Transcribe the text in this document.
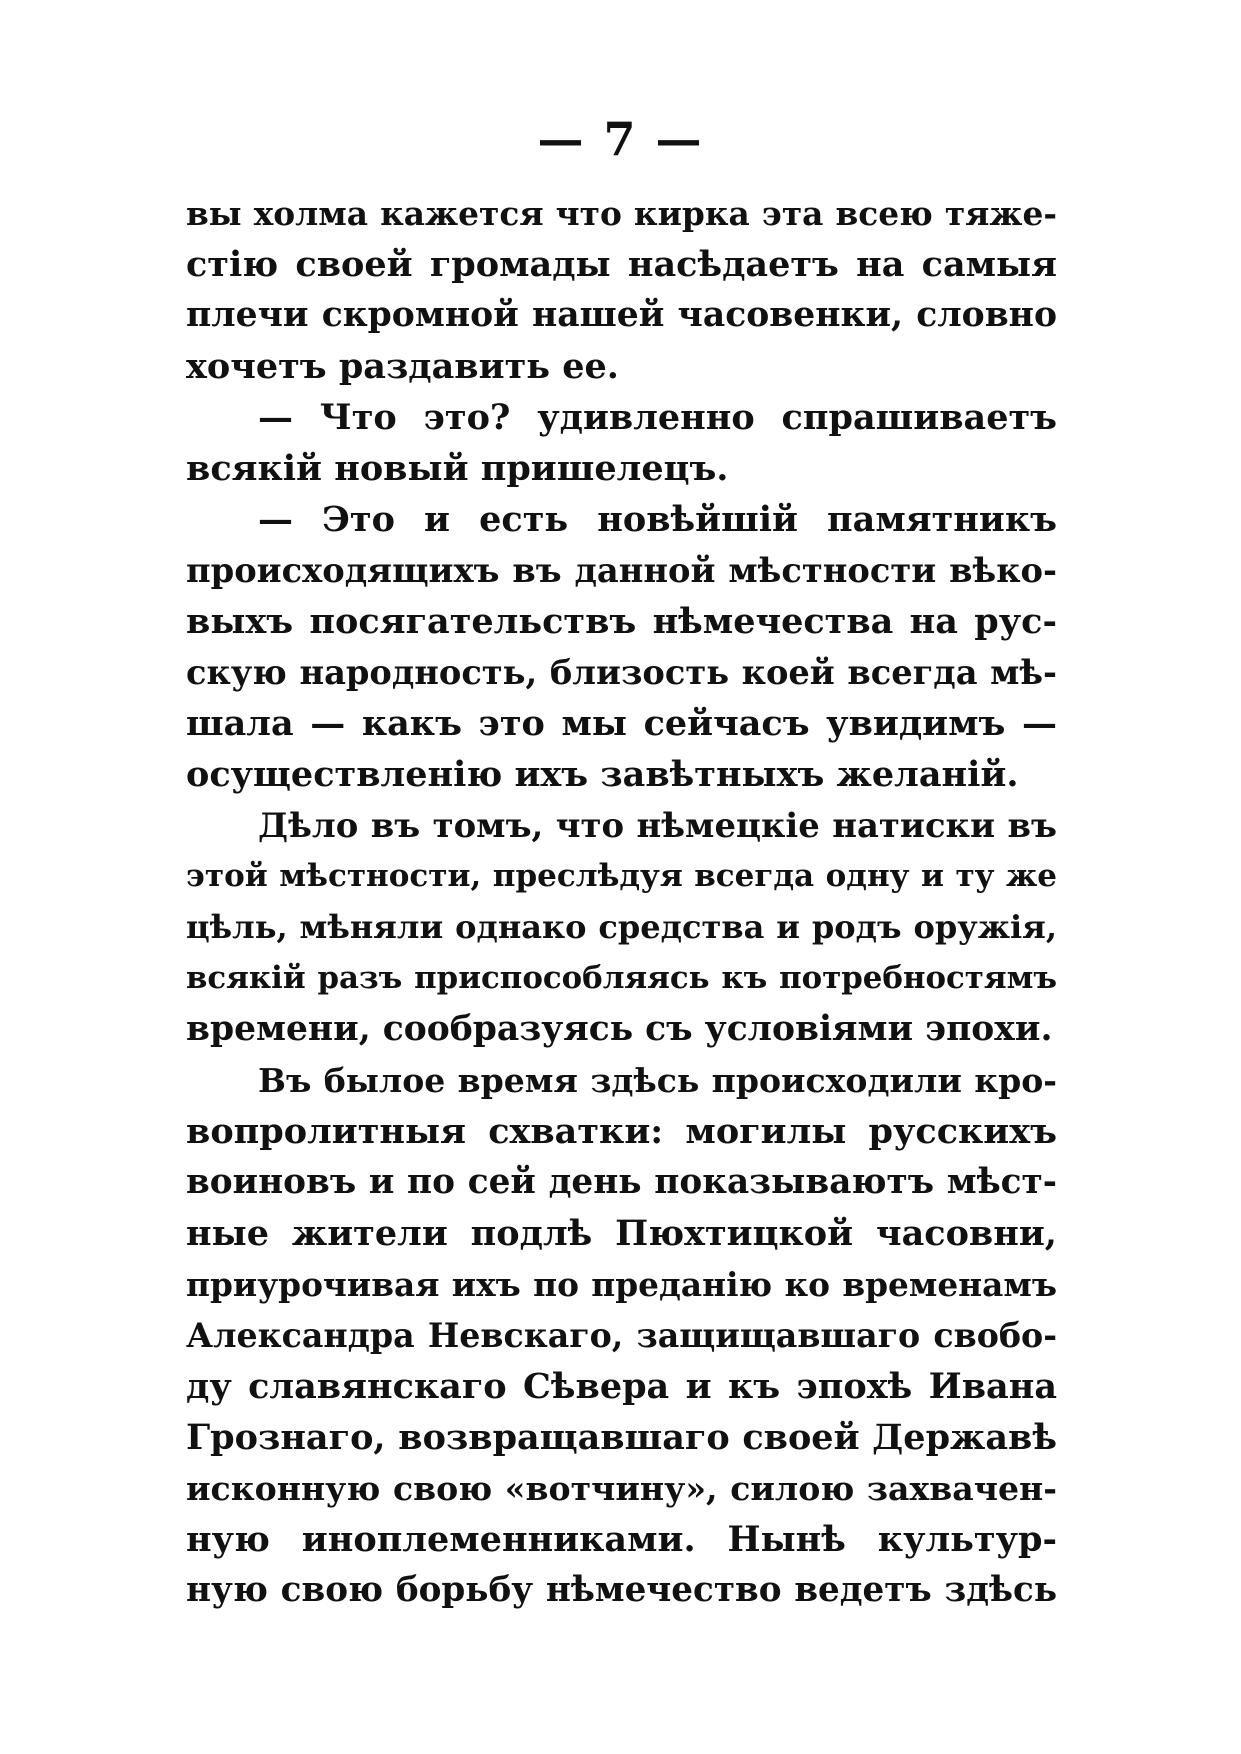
— 7 —
вы холма кажется что кирка эта всею тяже-
стію своей громады насѣдаетъ на самыя
плечи скромной нашей часовенки, словно
хочетъ раздавить ее.
— Что это? удивленно спрашиваетъ
всякій новый пришелецъ.
— Это и есть новѣйшій памятникъ
происходящихъ въ данной мѣстности вѣко-
выхъ посягательствъ нѣмечества на рус-
скую народность, близость коей всегда мѣ-
шала — какъ это мы сейчасъ увидимъ —
осуществленію ихъ завѣтныхъ желаній.
Дѣло въ томъ, что нѣмецкіе натиски въ
этой мѣстности, преслѣдуя всегда одну и ту же
цѣль, мѣняли однако средства и родъ оружія,
всякій разъ приспособляясь къ потребностямъ
времени, сообразуясь съ условіями эпохи.
Въ былое время здѣсь происходили кро-
вопролитныя схватки: могилы русскихъ
воиновъ и по сей день показываютъ мѣст-
ные жители подлѣ Пюхтицкой часовни,
приурочивая ихъ по преданію ко временамъ
Александра Невскаго, защищавшаго свобо-
ду славянскаго Сѣвера и къ эпохѣ Ивана
Грознаго, возвращавшаго своей Державѣ
исконную свою «вотчину», силою захвачен-
ную иноплеменниками. Нынѣ культур-
ную свою борьбу нѣмечество ведетъ здѣсь
